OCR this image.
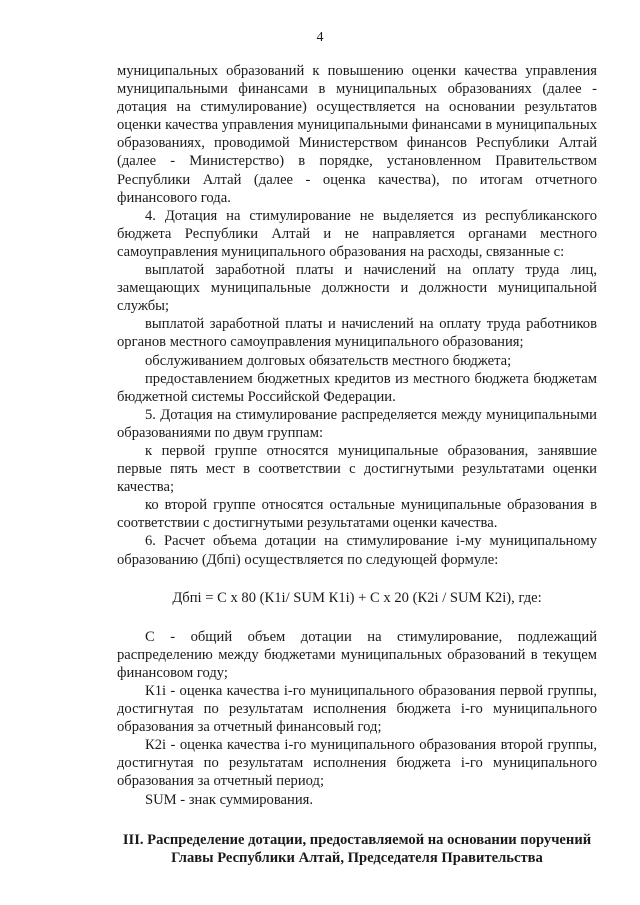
4

муниципальных образований к повышению оценки качества управления муниципальными финансами в муниципальных образованиях (далее - дотация на стимулирование) осуществляется на основании результатов оценки качества управления муниципальными финансами в муниципальных образованиях, проводимой Министерством финансов Республики Алтай (далее - Министерство) в порядке, установленном Правительством Республики Алтай (далее - оценка качества), по итогам отчетного финансового года.

4. Дотация на стимулирование не выделяется из республиканского бюджета Республики Алтай и не направляется органами местного самоуправления муниципального образования на расходы, связанные с:

выплатой заработной платы и начислений на оплату труда лиц, замещающих муниципальные должности и должности муниципальной службы;

выплатой заработной платы и начислений на оплату труда работников органов местного самоуправления муниципального образования;

обслуживанием долговых обязательств местного бюджета;

предоставлением бюджетных кредитов из местного бюджета бюджетам бюджетной системы Российской Федерации.

5. Дотация на стимулирование распределяется между муниципальными образованиями по двум группам:

к первой группе относятся муниципальные образования, занявшие первые пять мест в соответствии с достигнутыми результатами оценки качества;

ко второй группе относятся остальные муниципальные образования в соответствии с достигнутыми результатами оценки качества.

6. Расчет объема дотации на стимулирование i-му муниципальному образованию (Дбпi) осуществляется по следующей формуле:

Дбпi = C x 80 (К1i/ SUM К1i) + C x 20 (К2i / SUM К2i), где:

C - общий объем дотации на стимулирование, подлежащий распределению между бюджетами муниципальных образований в текущем финансовом году;

К1i - оценка качества i-го муниципального образования первой группы, достигнутая по результатам исполнения бюджета i-го муниципального образования за отчетный финансовый год;

К2i - оценка качества i-го муниципального образования второй группы, достигнутая по результатам исполнения бюджета i-го муниципального образования за отчетный период;

SUM - знак суммирования.

III. Распределение дотации, предоставляемой на основании поручений Главы Республики Алтай, Председателя Правительства
